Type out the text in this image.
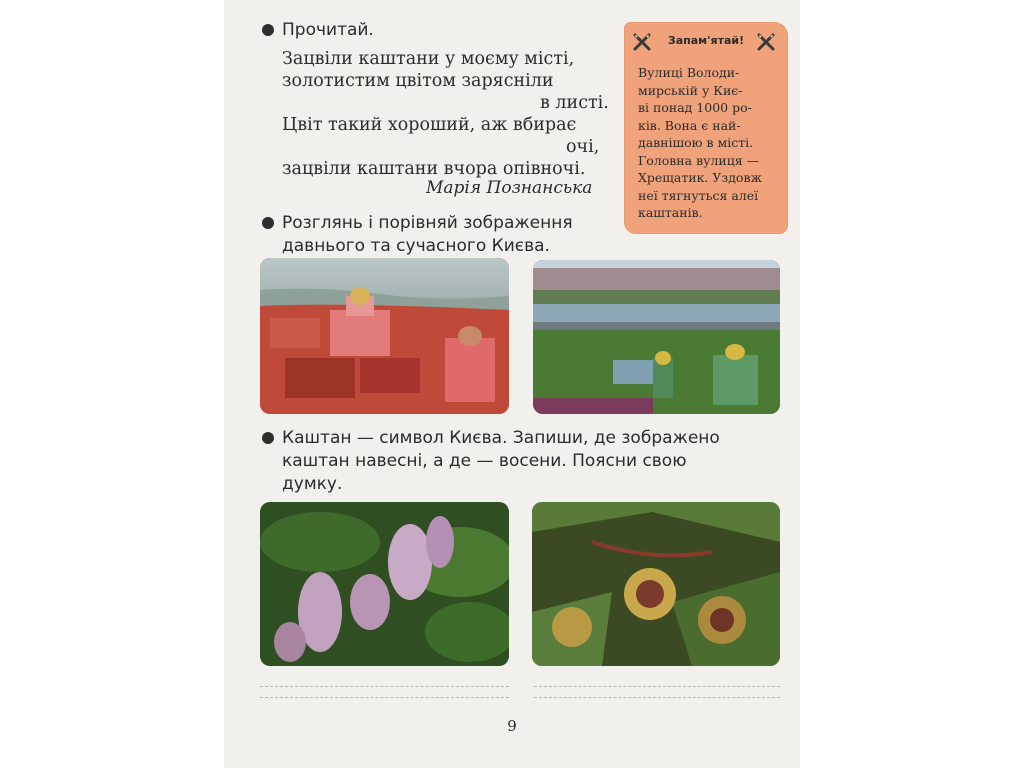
Прочитай.
Зацвіли каштани у моєму місті,
золотистим цвітом зарясніли
в листі.
Цвіт такий хороший, аж вбирає
очі,
зацвіли каштани вчора опівночі.
Марія Познанська
Запам'ятай!
Вулиці Володи-
мирській у Киє-
ві понад 1000 ро-
ків. Вона є най-
давнішою в місті.
Головна вулиця —
Хрещатик. Уздовж
неї тягнуться алеї
каштанів.
Розглянь і порівняй зображення
давнього та сучасного Києва.
Каштан — символ Києва. Запиши, де зображено
каштан навесні, а де — восени. Поясни свою
думку.
9
